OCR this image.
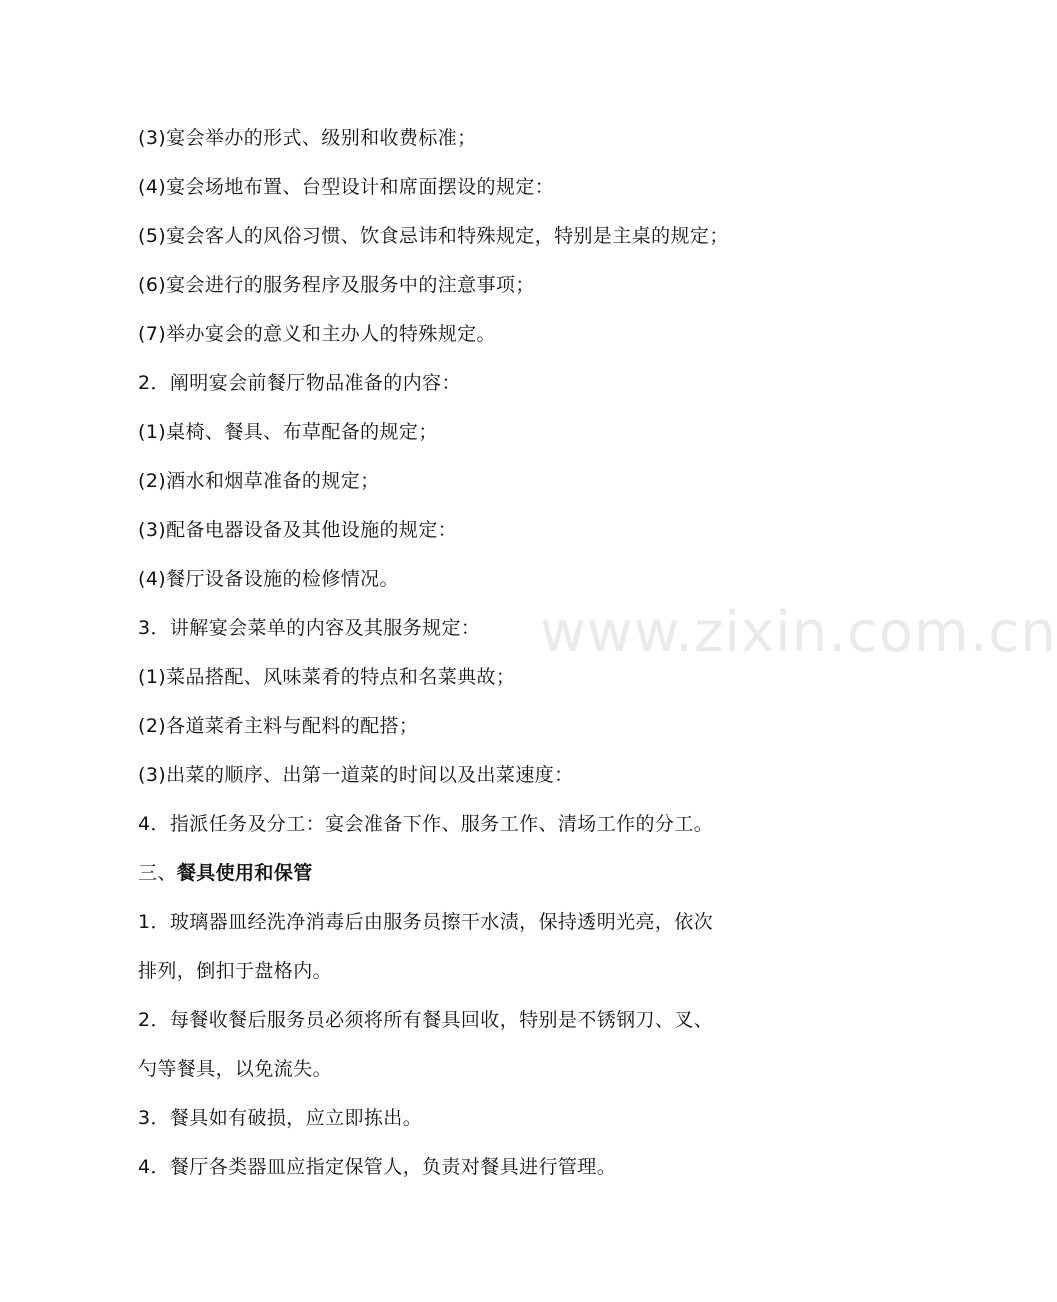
(3)宴会举办的形式、级别和收费标准；
(4)宴会场地布置、台型设计和席面摆设的规定：
(5)宴会客人的风俗习惯、饮食忌讳和特殊规定，特别是主桌的规定；
(6)宴会进行的服务程序及服务中的注意事项；
(7)举办宴会的意义和主办人的特殊规定。
2．阐明宴会前餐厅物品准备的内容：
(1)桌椅、餐具、布草配备的规定；
(2)酒水和烟草准备的规定；
(3)配备电器设备及其他设施的规定：
(4)餐厅设备设施的检修情况。
3．讲解宴会菜单的内容及其服务规定：
(1)菜品搭配、风味菜肴的特点和名菜典故；
(2)各道菜肴主料与配料的配搭；
(3)出菜的顺序、出第一道菜的时间以及出菜速度：
4．指派任务及分工：宴会准备下作、服务工作、清场工作的分工。
三、餐具使用和保管
1．玻璃器皿经洗净消毒后由服务员擦干水渍，保持透明光亮，依次
排列，倒扣于盘格内。
2．每餐收餐后服务员必须将所有餐具回收，特别是不锈钢刀、叉、
勺等餐具，以免流失。
3．餐具如有破损，应立即拣出。
4．餐厅各类器皿应指定保管人，负责对餐具进行管理。
www.zixin.com.cn
